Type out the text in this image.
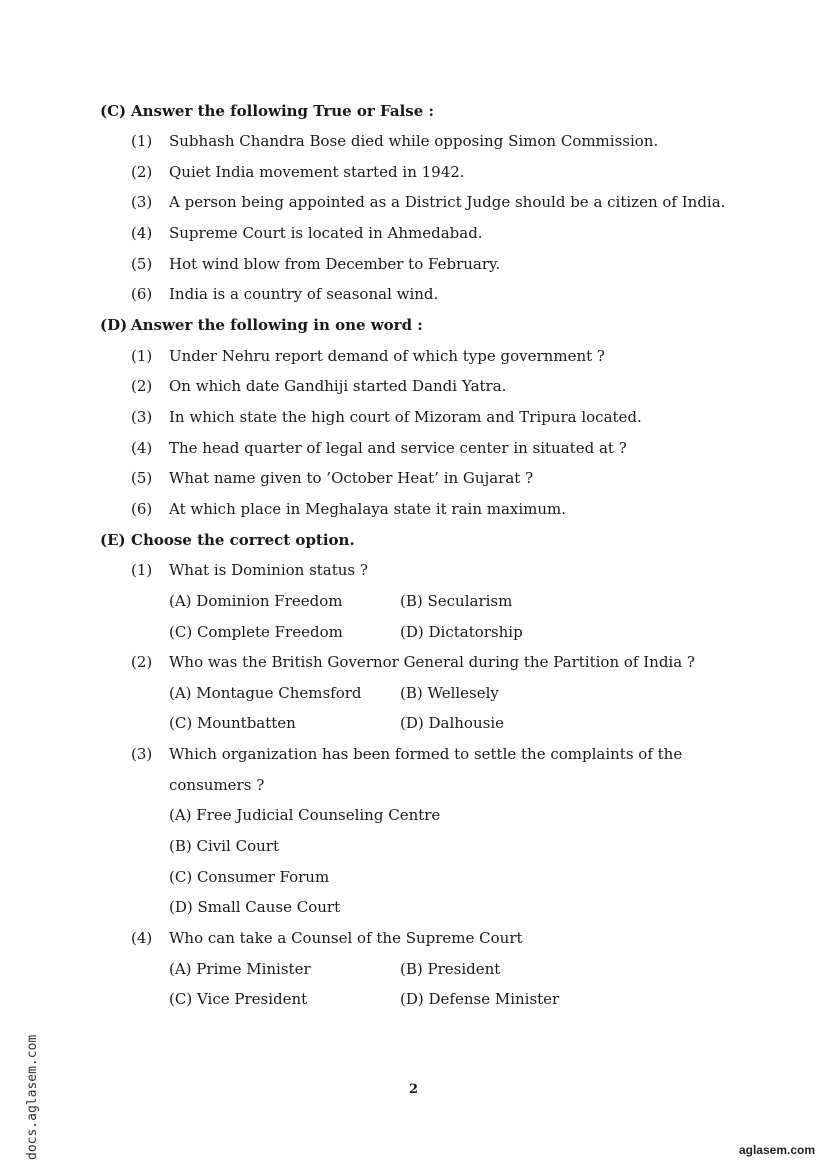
(C) Answer the following True or False :
(1) Subhash Chandra Bose died while opposing Simon Commission.
(2) Quiet India movement started in 1942.
(3) A person being appointed as a District Judge should be a citizen of India.
(4) Supreme Court is located in Ahmedabad.
(5) Hot wind blow from December to February.
(6) India is a country of seasonal wind.
(D) Answer the following in one word :
(1) Under Nehru report demand of which type government ?
(2) On which date Gandhiji started Dandi Yatra.
(3) In which state the high court of Mizoram and Tripura located.
(4) The head quarter of legal and service center in situated at ?
(5) What name given to ’October Heat’ in Gujarat ?
(6) At which place in Meghalaya state it rain maximum.
(E) Choose the correct option.
(1) What is Dominion status ?
(A) Dominion Freedom	(B) Secularism
(C) Complete Freedom	(D) Dictatorship
(2) Who was the British Governor General during the Partition of India ?
(A) Montague Chemsford	(B) Wellesely
(C) Mountbatten	(D) Dalhousie
(3) Which organization has been formed to settle the complaints of the
consumers ?
(A) Free Judicial Counseling Centre
(B) Civil Court
(C) Consumer Forum
(D) Small Cause Court
(4) Who can take a Counsel of the Supreme Court
(A) Prime Minister	(B) President
(C) Vice President	(D) Defense Minister
2
docs.aglasem.com	aglasem.com
